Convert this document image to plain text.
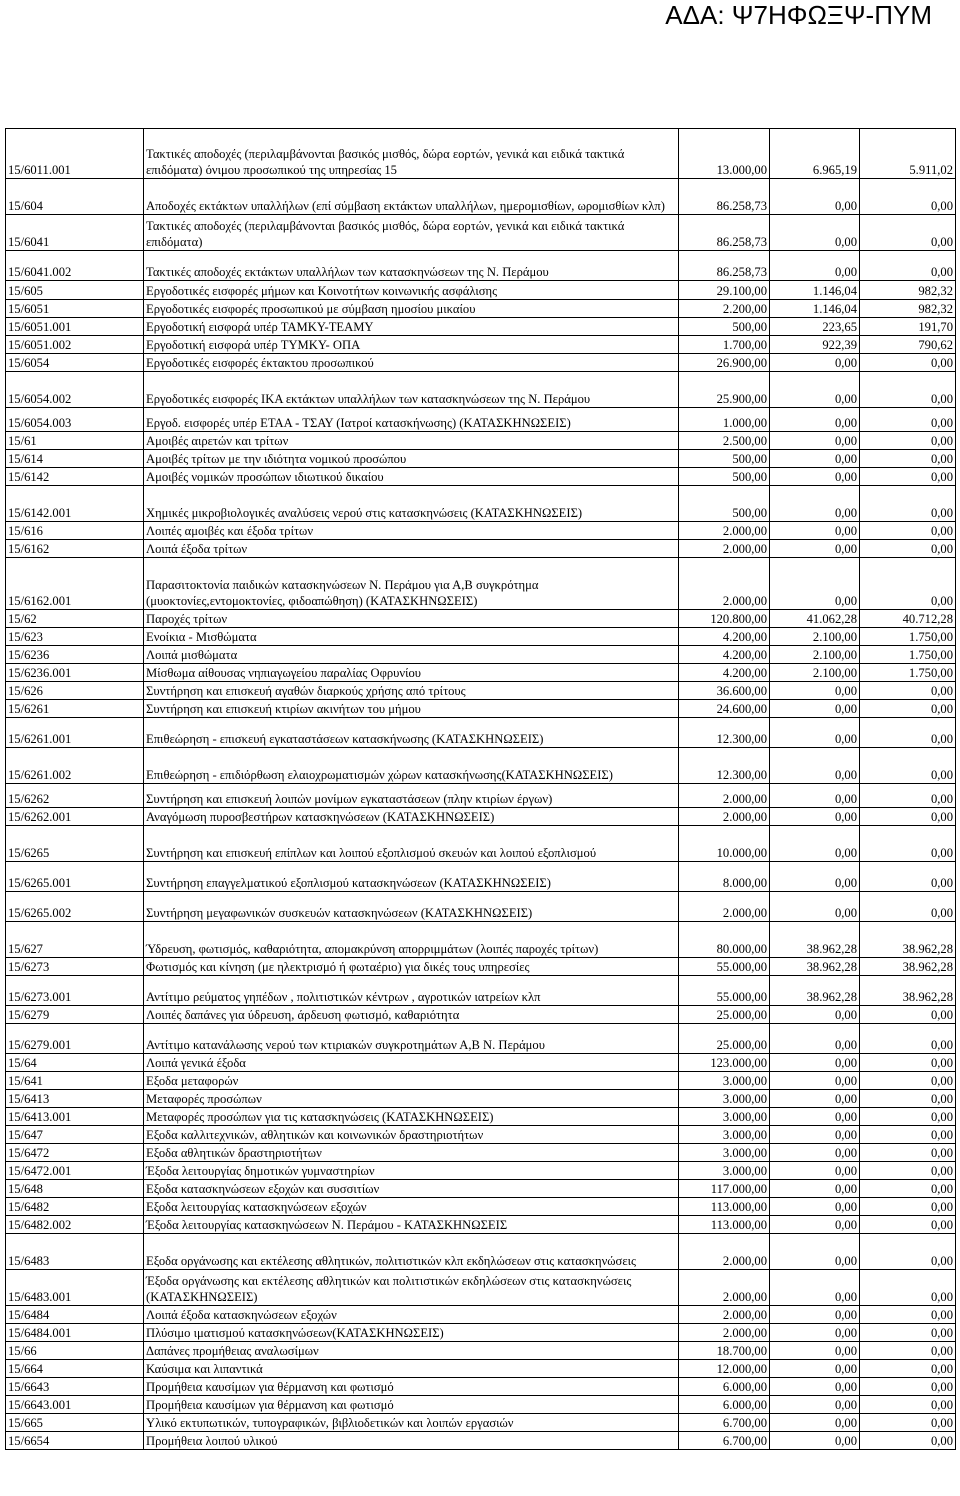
ΑΔΑ: Ψ7ΗΦΩΞΨ-ΠΥΜ
15/6011.001	Τακτικές αποδοχές (περιλαμβάνονται βασικός μισθός, δώρα εορτών, γενικά και ειδικά τακτικά επιδόματα) όνιμου προσωπικού της υπηρεσίας 15	13.000,00	6.965,19	5.911,02
15/604	Αποδοχές εκτάκτων υπαλλήλων (επί σύμβαση εκτάκτων υπαλλήλων, ημερομισθίων, ωρομισθίων κλπ)	86.258,73	0,00	0,00
15/6041	Τακτικές αποδοχές (περιλαμβάνονται βασικός μισθός, δώρα εορτών, γενικά και ειδικά τακτικά επιδόματα)	86.258,73	0,00	0,00
15/6041.002	Τακτικές αποδοχές εκτάκτων υπαλλήλων των κατασκηνώσεων της Ν. Περάμου	86.258,73	0,00	0,00
15/605	Εργοδοτικές εισφορές μήμων και Κοινοτήτων κοινωνικής ασφάλισης	29.100,00	1.146,04	982,32
15/6051	Εργοδοτικές εισφορές προσωπικού με σύμβαση ημοσίου μικαίου	2.200,00	1.146,04	982,32
15/6051.001	Εργοδοτική εισφορά υπέρ ΤΑΜΚΥ-ΤΕΑΜΥ	500,00	223,65	191,70
15/6051.002	Εργοδοτική εισφορά υπέρ ΤΥΜΚΥ- ΟΠΑ	1.700,00	922,39	790,62
15/6054	Εργοδοτικές εισφορές έκτακτου προσωπικού	26.900,00	0,00	0,00
15/6054.002	Εργοδοτικές εισφορές ΙΚΑ εκτάκτων υπαλλήλων των κατασκηνώσεων της Ν. Περάμου	25.900,00	0,00	0,00
15/6054.003	Εργοδ. εισφορές υπέρ ΕΤΑΑ - ΤΣΑΥ (Ιατροί κατασκήνωσης) (ΚΑΤΑΣΚΗΝΩΣΕΙΣ)	1.000,00	0,00	0,00
15/61	Αμοιβές αιρετών και τρίτων	2.500,00	0,00	0,00
15/614	Αμοιβές τρίτων με την ιδιότητα νομικού προσώπου	500,00	0,00	0,00
15/6142	Αμοιβές νομικών προσώπων ιδιωτικού δικαίου	500,00	0,00	0,00
15/6142.001	Χημικές μικροβιολογικές αναλύσεις νερού στις κατασκηνώσεις (ΚΑΤΑΣΚΗΝΩΣΕΙΣ)	500,00	0,00	0,00
15/616	Λοιπές αμοιβές και έξοδα τρίτων	2.000,00	0,00	0,00
15/6162	Λοιπά έξοδα τρίτων	2.000,00	0,00	0,00
15/6162.001	Παρασιτοκτονία παιδικών κατασκηνώσεων Ν. Περάμου για Α,Β συγκρότημα (μυοκτονίες,εντομοκτονίες, φιδοαπώθηση) (ΚΑΤΑΣΚΗΝΩΣΕΙΣ)	2.000,00	0,00	0,00
15/62	Παροχές τρίτων	120.800,00	41.062,28	40.712,28
15/623	Ενοίκια - Μισθώματα	4.200,00	2.100,00	1.750,00
15/6236	Λοιπά μισθώματα	4.200,00	2.100,00	1.750,00
15/6236.001	Μίσθωμα αίθουσας νηπιαγωγείου παραλίας Οφρυνίου	4.200,00	2.100,00	1.750,00
15/626	Συντήρηση και επισκευή αγαθών διαρκούς χρήσης από τρίτους	36.600,00	0,00	0,00
15/6261	Συντήρηση και επισκευή κτιρίων ακινήτων του μήμου	24.600,00	0,00	0,00
15/6261.001	Επιθεώρηση - επισκευή εγκαταστάσεων κατασκήνωσης (ΚΑΤΑΣΚΗΝΩΣΕΙΣ)	12.300,00	0,00	0,00
15/6261.002	Επιθεώρηση - επιδιόρθωση ελαιοχρωματισμών χώρων κατασκήνωσης(ΚΑΤΑΣΚΗΝΩΣΕΙΣ)	12.300,00	0,00	0,00
15/6262	Συντήρηση και επισκευή λοιπών μονίμων εγκαταστάσεων (πλην κτιρίων έργων)	2.000,00	0,00	0,00
15/6262.001	Αναγόμωση πυροσβεστήρων κατασκηνώσεων (ΚΑΤΑΣΚΗΝΩΣΕΙΣ)	2.000,00	0,00	0,00
15/6265	Συντήρηση και επισκευή επίπλων και λοιπού εξοπλισμού σκευών και λοιπού εξοπλισμού	10.000,00	0,00	0,00
15/6265.001	Συντήρηση επαγγελματικού εξοπλισμού κατασκηνώσεων (ΚΑΤΑΣΚΗΝΩΣΕΙΣ)	8.000,00	0,00	0,00
15/6265.002	Συντήρηση μεγαφωνικών συσκευών κατασκηνώσεων (ΚΑΤΑΣΚΗΝΩΣΕΙΣ)	2.000,00	0,00	0,00
15/627	Ύδρευση, φωτισμός, καθαριότητα, απομακρύνση απορριμμάτων (λοιπές παροχές τρίτων)	80.000,00	38.962,28	38.962,28
15/6273	Φωτισμός και κίνηση (με ηλεκτρισμό ή φωταέριο) για δικές τους υπηρεσίες	55.000,00	38.962,28	38.962,28
15/6273.001	Αντίτιμο ρεύματος γηπέδων , πολιτιστικών κέντρων , αγροτικών ιατρείων κλπ	55.000,00	38.962,28	38.962,28
15/6279	Λοιπές δαπάνες για ύδρευση, άρδευση φωτισμό, καθαριότητα	25.000,00	0,00	0,00
15/6279.001	Αντίτιμο κατανάλωσης νερού των κτιριακών συγκροτημάτων Α,Β Ν. Περάμου	25.000,00	0,00	0,00
15/64	Λοιπά γενικά έξοδα	123.000,00	0,00	0,00
15/641	Εξοδα μεταφορών	3.000,00	0,00	0,00
15/6413	Μεταφορές προσώπων	3.000,00	0,00	0,00
15/6413.001	Μεταφορές προσώπων για τις κατασκηνώσεις (ΚΑΤΑΣΚΗΝΩΣΕΙΣ)	3.000,00	0,00	0,00
15/647	Εξοδα καλλιτεχνικών, αθλητικών και κοινωνικών δραστηριοτήτων	3.000,00	0,00	0,00
15/6472	Εξοδα αθλητικών δραστηριοτήτων	3.000,00	0,00	0,00
15/6472.001	Έξοδα λειτουργίας δημοτικών γυμναστηρίων	3.000,00	0,00	0,00
15/648	Εξοδα κατασκηνώσεων εξοχών και συσσιτίων	117.000,00	0,00	0,00
15/6482	Εξοδα λειτουργίας κατασκηνώσεων εξοχών	113.000,00	0,00	0,00
15/6482.002	Έξοδα λειτουργίας κατασκηνώσεων Ν. Περάμου - ΚΑΤΑΣΚΗΝΩΣΕΙΣ	113.000,00	0,00	0,00
15/6483	Εξοδα οργάνωσης και εκτέλεσης αθλητικών, πολιτιστικών κλπ εκδηλώσεων στις κατασκηνώσεις	2.000,00	0,00	0,00
15/6483.001	Έξοδα οργάνωσης και εκτέλεσης αθλητικών και πολιτιστικών εκδηλώσεων στις κατασκηνώσεις (ΚΑΤΑΣΚΗΝΩΣΕΙΣ)	2.000,00	0,00	0,00
15/6484	Λοιπά έξοδα κατασκηνώσεων εξοχών	2.000,00	0,00	0,00
15/6484.001	Πλύσιμο ιματισμού κατασκηνώσεων(ΚΑΤΑΣΚΗΝΩΣΕΙΣ)	2.000,00	0,00	0,00
15/66	Δαπάνες προμήθειας αναλωσίμων	18.700,00	0,00	0,00
15/664	Καύσιμα και λιπαντικά	12.000,00	0,00	0,00
15/6643	Προμήθεια καυσίμων για θέρμανση και φωτισμό	6.000,00	0,00	0,00
15/6643.001	Προμήθεια καυσίμων για θέρμανση και φωτισμό	6.000,00	0,00	0,00
15/665	Υλικό εκτυπωτικών, τυπογραφικών, βιβλιοδετικών και λοιπών εργασιών	6.700,00	0,00	0,00
15/6654	Προμήθεια λοιπού υλικού	6.700,00	0,00	0,00
